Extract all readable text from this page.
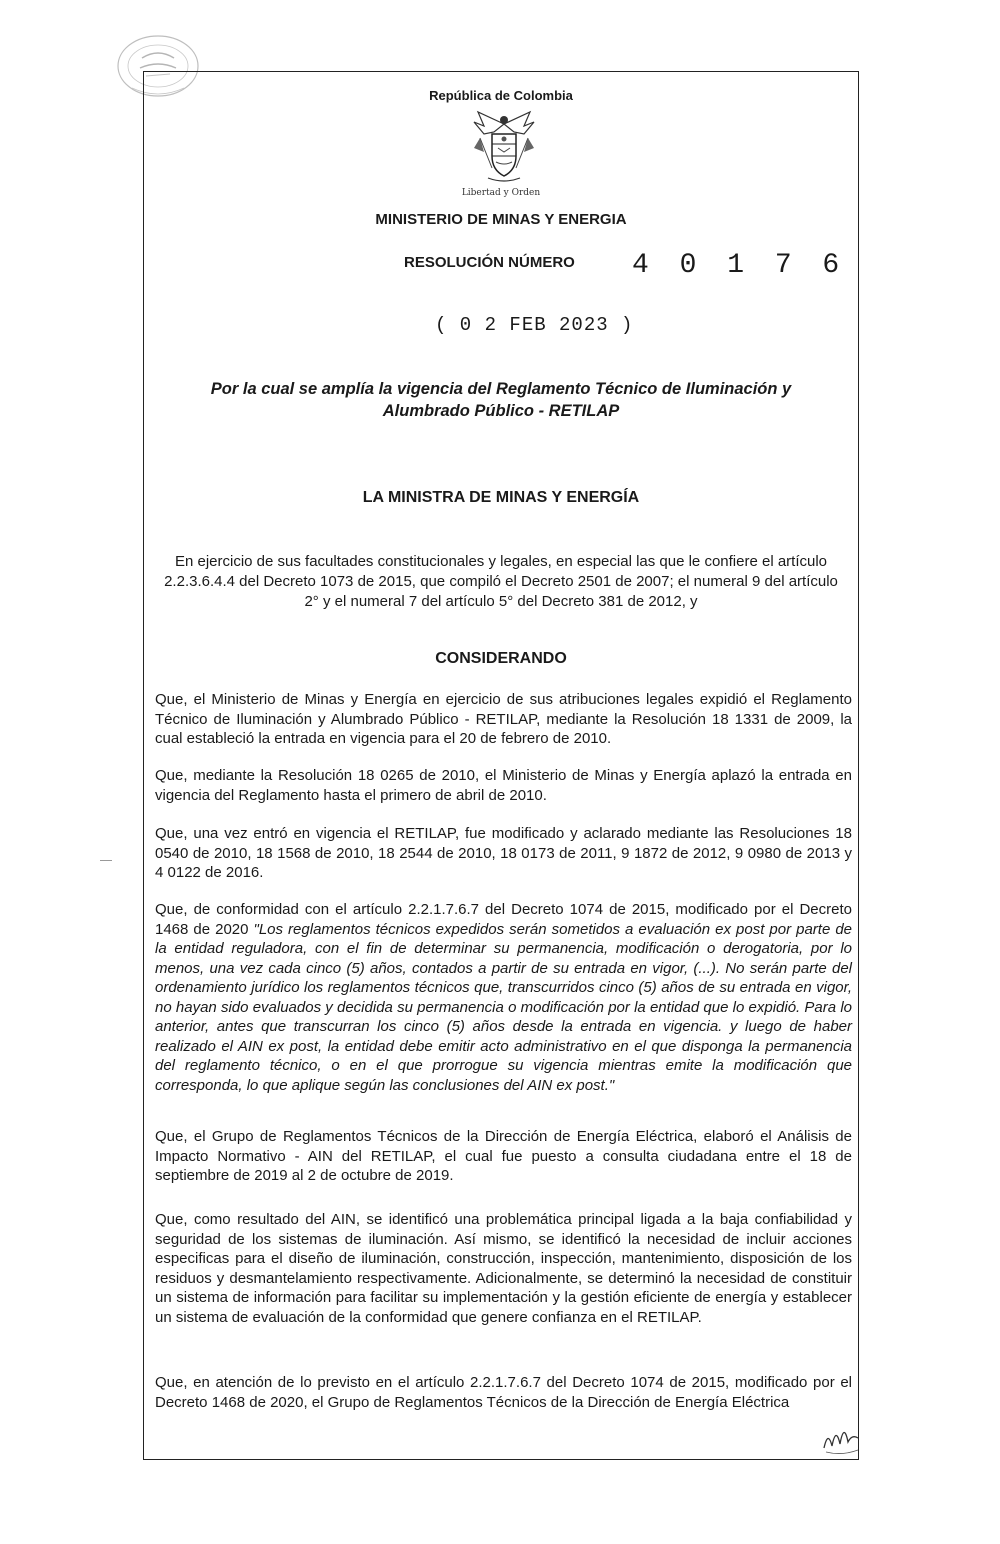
República de Colombia
Libertad y Orden
MINISTERIO DE MINAS Y ENERGIA
RESOLUCIÓN NÚMERO 4 0 1 7 6
( 0 2 FEB 2023 )
Por la cual se amplía la vigencia del Reglamento Técnico de Iluminación y Alumbrado Público - RETILAP
LA MINISTRA DE MINAS Y ENERGÍA
En ejercicio de sus facultades constitucionales y legales, en especial las que le confiere el artículo 2.2.3.6.4.4 del Decreto 1073 de 2015, que compiló el Decreto 2501 de 2007; el numeral 9 del artículo 2° y el numeral 7 del artículo 5° del Decreto 381 de 2012, y
CONSIDERANDO
Que, el Ministerio de Minas y Energía en ejercicio de sus atribuciones legales expidió el Reglamento Técnico de Iluminación y Alumbrado Público - RETILAP, mediante la Resolución 18 1331 de 2009, la cual estableció la entrada en vigencia para el 20 de febrero de 2010.
Que, mediante la Resolución 18 0265 de 2010, el Ministerio de Minas y Energía aplazó la entrada en vigencia del Reglamento hasta el primero de abril de 2010.
Que, una vez entró en vigencia el RETILAP, fue modificado y aclarado mediante las Resoluciones 18 0540 de 2010, 18 1568 de 2010, 18 2544 de 2010, 18 0173 de 2011, 9 1872 de 2012, 9 0980 de 2013 y 4 0122 de 2016.
Que, de conformidad con el artículo 2.2.1.7.6.7 del Decreto 1074 de 2015, modificado por el Decreto 1468 de 2020 "Los reglamentos técnicos expedidos serán sometidos a evaluación ex post por parte de la entidad reguladora, con el fin de determinar su permanencia, modificación o derogatoria, por lo menos, una vez cada cinco (5) años, contados a partir de su entrada en vigor, (...). No serán parte del ordenamiento jurídico los reglamentos técnicos que, transcurridos cinco (5) años de su entrada en vigor, no hayan sido evaluados y decidida su permanencia o modificación por la entidad que lo expidió. Para lo anterior, antes que transcurran los cinco (5) años desde la entrada en vigencia. y luego de haber realizado el AIN ex post, la entidad debe emitir acto administrativo en el que disponga la permanencia del reglamento técnico, o en el que prorrogue su vigencia mientras emite la modificación que corresponda, lo que aplique según las conclusiones del AIN ex post."
Que, el Grupo de Reglamentos Técnicos de la Dirección de Energía Eléctrica, elaboró el Análisis de Impacto Normativo - AIN del RETILAP, el cual fue puesto a consulta ciudadana entre el 18 de septiembre de 2019 al 2 de octubre de 2019.
Que, como resultado del AIN, se identificó una problemática principal ligada a la baja confiabilidad y seguridad de los sistemas de iluminación. Así mismo, se identificó la necesidad de incluir acciones especificas para el diseño de iluminación, construcción, inspección, mantenimiento, disposición de los residuos y desmantelamiento respectivamente. Adicionalmente, se determinó la necesidad de constituir un sistema de información para facilitar su implementación y la gestión eficiente de energía y establecer un sistema de evaluación de la conformidad que genere confianza en el RETILAP.
Que, en atención de lo previsto en el artículo 2.2.1.7.6.7 del Decreto 1074 de 2015, modificado por el Decreto 1468 de 2020, el Grupo de Reglamentos Técnicos de la Dirección de Energía Eléctrica
